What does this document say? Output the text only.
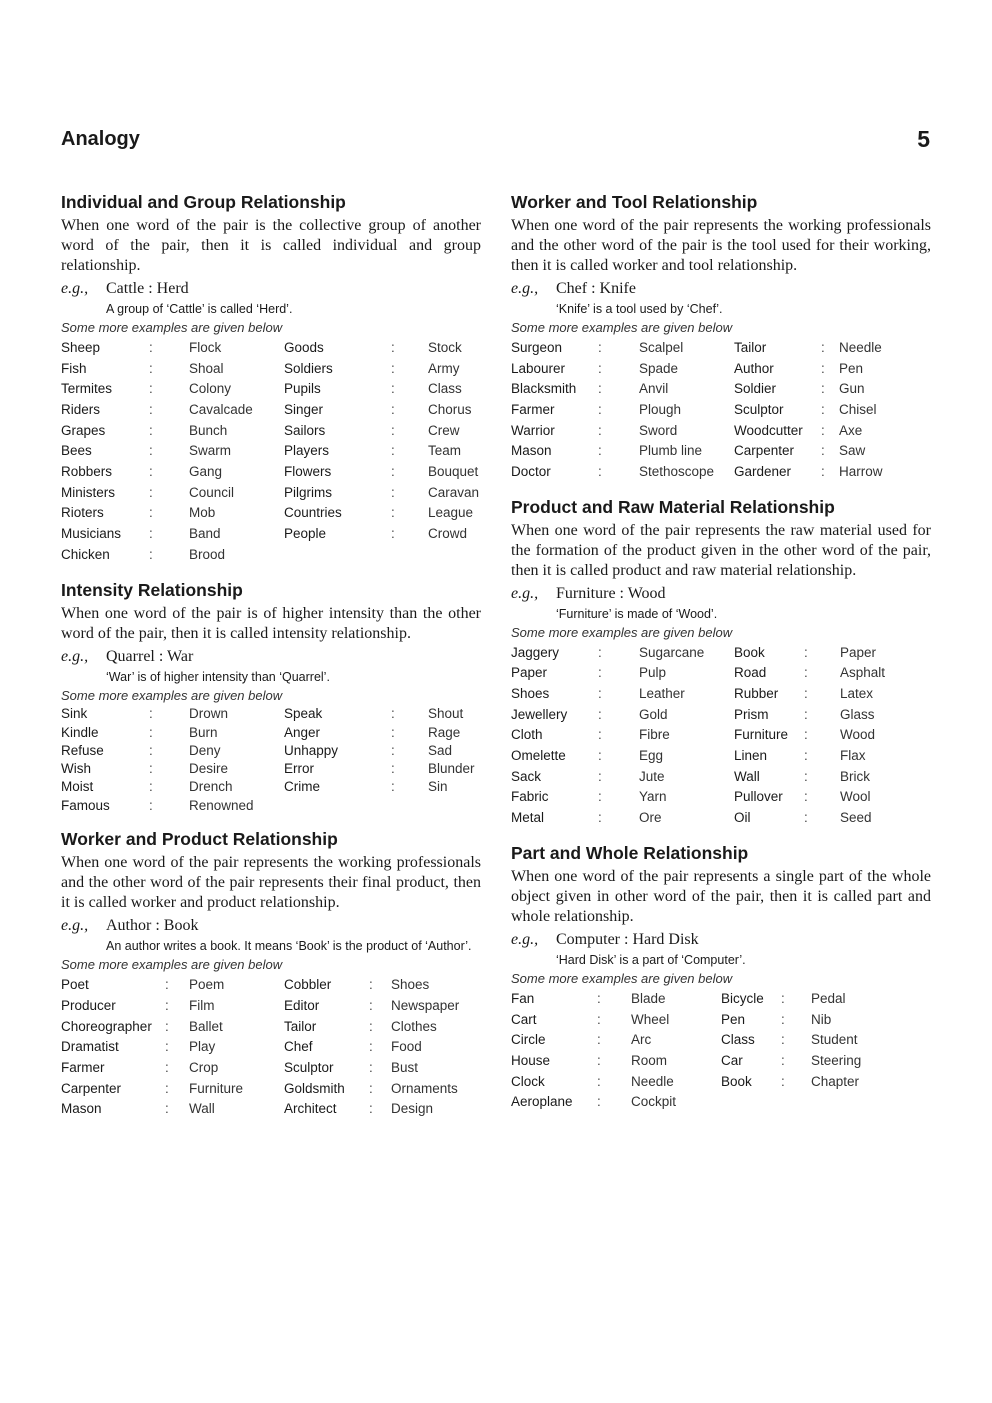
Analogy	5
Individual and Group Relationship

When one word of the pair is the collective group of another word of the pair, then it is called individual and group relationship.

e.g.,	Cattle : Herd
A group of ‘Cattle’ is called ‘Herd’.
Some more examples are given below
Sheep	:	Flock	Goods	:	Stock
Fish	:	Shoal	Soldiers	:	Army
Termites	:	Colony	Pupils	:	Class
Riders	:	Cavalcade	Singer	:	Chorus
Grapes	:	Bunch	Sailors	:	Crew
Bees	:	Swarm	Players	:	Team
Robbers	:	Gang	Flowers	:	Bouquet
Ministers	:	Council	Pilgrims	:	Caravan
Rioters	:	Mob	Countries	:	League
Musicians	:	Band	People	:	Crowd
Chicken	:	Brood			
Intensity Relationship

When one word of the pair is of higher intensity than the other word of the pair, then it is called intensity relationship.

e.g.,	Quarrel : War
‘War’ is of higher intensity than ‘Quarrel’.
Some more examples are given below
Sink	:	Drown	Speak	:	Shout
Kindle	:	Burn	Anger	:	Rage
Refuse	:	Deny	Unhappy	:	Sad
Wish	:	Desire	Error	:	Blunder
Moist	:	Drench	Crime	:	Sin
Famous	:	Renowned			
Worker and Product Relationship

When one word of the pair represents the working professionals and the other word of the pair represents their final product, then it is called worker and product relationship.

e.g.,	Author : Book
An author writes a book. It means ‘Book’ is the product of ‘Author’.
Some more examples are given below
Poet	:	Poem	Cobbler	:	Shoes
Producer	:	Film	Editor	:	Newspaper
Choreographer	:	Ballet	Tailor	:	Clothes
Dramatist	:	Play	Chef	:	Food
Farmer	:	Crop	Sculptor	:	Bust
Carpenter	:	Furniture	Goldsmith	:	Ornaments
Mason	:	Wall	Architect	:	Design
Worker and Tool Relationship

When one word of the pair represents the working professionals and the other word of the pair is the tool used for their working, then it is called worker and tool relationship.

e.g.,	Chef : Knife
‘Knife’ is a tool used by ‘Chef’.
Some more examples are given below
Surgeon	:	Scalpel	Tailor	:	Needle
Labourer	:	Spade	Author	:	Pen
Blacksmith	:	Anvil	Soldier	:	Gun
Farmer	:	Plough	Sculptor	:	Chisel
Warrior	:	Sword	Woodcutter	:	Axe
Mason	:	Plumb line	Carpenter	:	Saw
Doctor	:	Stethoscope	Gardener	:	Harrow
Product and Raw Material Relationship

When one word of the pair represents the raw material used for the formation of the product given in the other word of the pair, then it is called product and raw material relationship.

e.g.,	Furniture : Wood
‘Furniture’ is made of ‘Wood’.
Some more examples are given below
Jaggery	:	Sugarcane	Book	:	Paper
Paper	:	Pulp	Road	:	Asphalt
Shoes	:	Leather	Rubber	:	Latex
Jewellery	:	Gold	Prism	:	Glass
Cloth	:	Fibre	Furniture	:	Wood
Omelette	:	Egg	Linen	:	Flax
Sack	:	Jute	Wall	:	Brick
Fabric	:	Yarn	Pullover	:	Wool
Metal	:	Ore	Oil	:	Seed
Part and Whole Relationship

When one word of the pair represents a single part of the whole object given in other word of the pair, then it is called part and whole relationship.

e.g.,	Computer : Hard Disk
‘Hard Disk’ is a part of ‘Computer’.
Some more examples are given below
Fan	:	Blade	Bicycle	:	Pedal
Cart	:	Wheel	Pen	:	Nib
Circle	:	Arc	Class	:	Student
House	:	Room	Car	:	Steering
Clock	:	Needle	Book	:	Chapter
Aeroplane	:	Cockpit			
